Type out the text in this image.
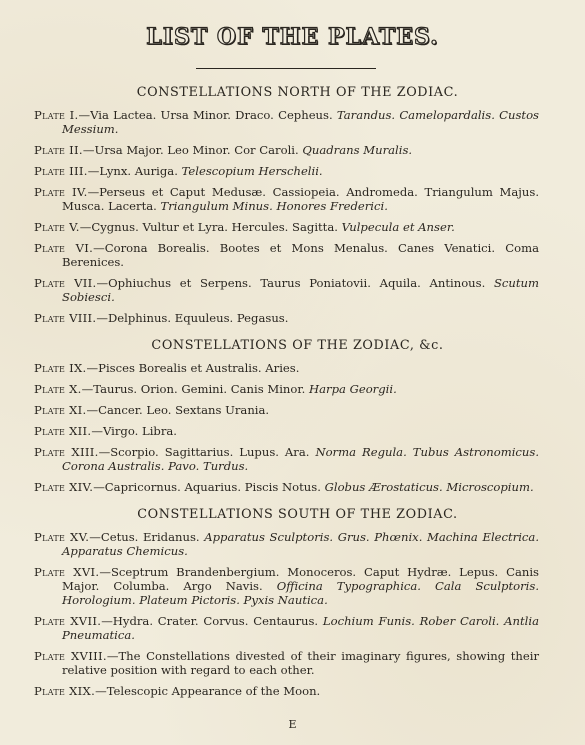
LIST OF THE PLATES.
CONSTELLATIONS NORTH OF THE ZODIAC.
Plate I.—Via Lactea. Ursa Minor. Draco. Cepheus. Tarandus. Camelopardalis. Custos Messium.
Plate II.—Ursa Major. Leo Minor. Cor Caroli. Quadrans Muralis.
Plate III.—Lynx. Auriga. Telescopium Herschelii.
Plate IV.—Perseus et Caput Medusæ. Cassiopeia. Andromeda. Triangulum Majus. Musca. Lacerta. Triangulum Minus. Honores Frederici.
Plate V.—Cygnus. Vultur et Lyra. Hercules. Sagitta. Vulpecula et Anser.
Plate VI.—Corona Borealis. Bootes et Mons Menalus. Canes Venatici. Coma Berenices.
Plate VII.—Ophiuchus et Serpens. Taurus Poniatovii. Aquila. Antinous. Scutum Sobiesci.
Plate VIII.—Delphinus. Equuleus. Pegasus.
CONSTELLATIONS OF THE ZODIAC, &c.
Plate IX.—Pisces Borealis et Australis. Aries.
Plate X.—Taurus. Orion. Gemini. Canis Minor. Harpa Georgii.
Plate XI.—Cancer. Leo. Sextans Urania.
Plate XII.—Virgo. Libra.
Plate XIII.—Scorpio. Sagittarius. Lupus. Ara. Norma Regula. Tubus Astronomicus. Corona Australis. Pavo. Turdus.
Plate XIV.—Capricornus. Aquarius. Piscis Notus. Globus Ærostaticus. Microscopium.
CONSTELLATIONS SOUTH OF THE ZODIAC.
Plate XV.—Cetus. Eridanus. Apparatus Sculptoris. Grus. Phœnix. Machina Electrica. Apparatus Chemicus.
Plate XVI.—Sceptrum Brandenbergium. Monoceros. Caput Hydræ. Lepus. Canis Major. Columba. Argo Navis. Officina Typographica. Cala Sculptoris. Horologium. Plateum Pictoris. Pyxis Nautica.
Plate XVII.—Hydra. Crater. Corvus. Centaurus. Lochium Funis. Rober Caroli. Antlia Pneumatica.
Plate XVIII.—The Constellations divested of their imaginary figures, showing their relative position with regard to each other.
Plate XIX.—Telescopic Appearance of the Moon.
E
